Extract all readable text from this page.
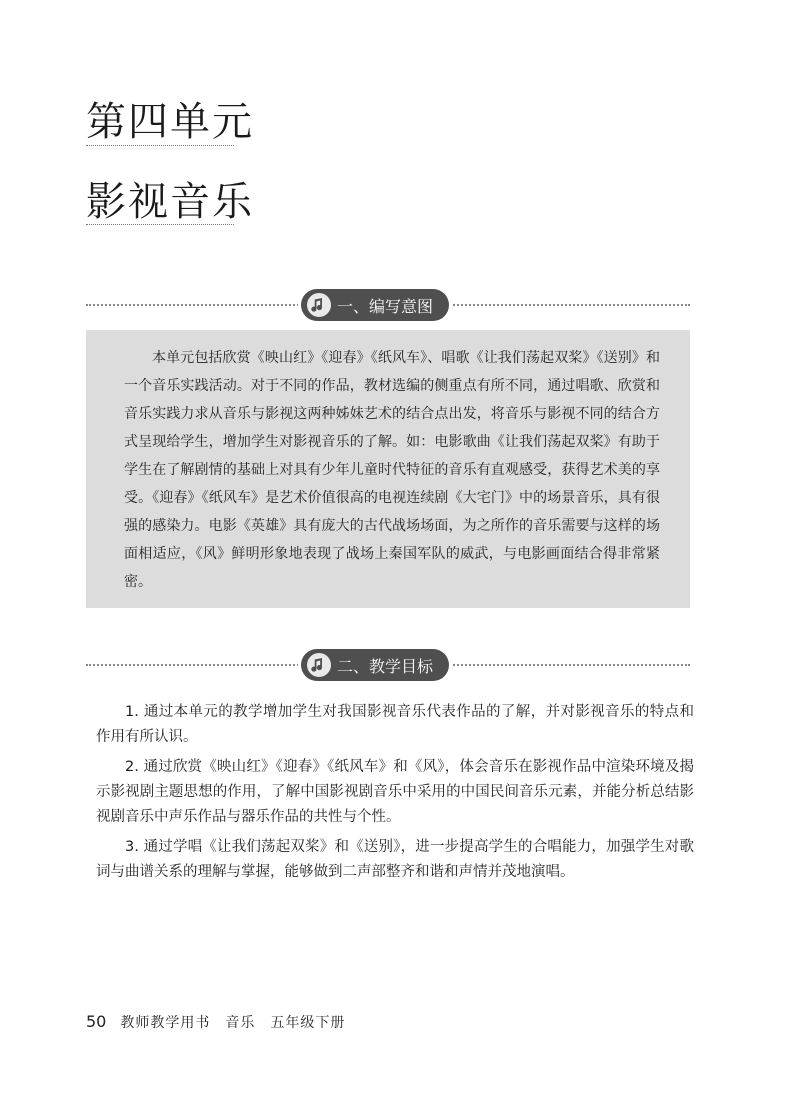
第四单元
影视音乐
一、编写意图

本单元包括欣赏《映山红》《迎春》《纸风车》、唱歌《让我们荡起双桨》《送别》和一个音乐实践活动。对于不同的作品，教材选编的侧重点有所不同，通过唱歌、欣赏和音乐实践力求从音乐与影视这两种姊妹艺术的结合点出发，将音乐与影视不同的结合方式呈现给学生，增加学生对影视音乐的了解。如：电影歌曲《让我们荡起双桨》有助于学生在了解剧情的基础上对具有少年儿童时代特征的音乐有直观感受，获得艺术美的享受。《迎春》《纸风车》是艺术价值很高的电视连续剧《大宅门》中的场景音乐，具有很强的感染力。电影《英雄》具有庞大的古代战场场面，为之所作的音乐需要与这样的场面相适应，《风》鲜明形象地表现了战场上秦国军队的威武，与电影画面结合得非常紧密。

二、教学目标

1. 通过本单元的教学增加学生对我国影视音乐代表作品的了解，并对影视音乐的特点和作用有所认识。

2. 通过欣赏《映山红》《迎春》《纸风车》和《风》，体会音乐在影视作品中渲染环境及揭示影视剧主题思想的作用，了解中国影视剧音乐中采用的中国民间音乐元素，并能分析总结影视剧音乐中声乐作品与器乐作品的共性与个性。

3. 通过学唱《让我们荡起双桨》和《送别》，进一步提高学生的合唱能力，加强学生对歌词与曲谱关系的理解与掌握，能够做到二声部整齐和谐和声情并茂地演唱。

50 教师教学用书　音乐　五年级下册
